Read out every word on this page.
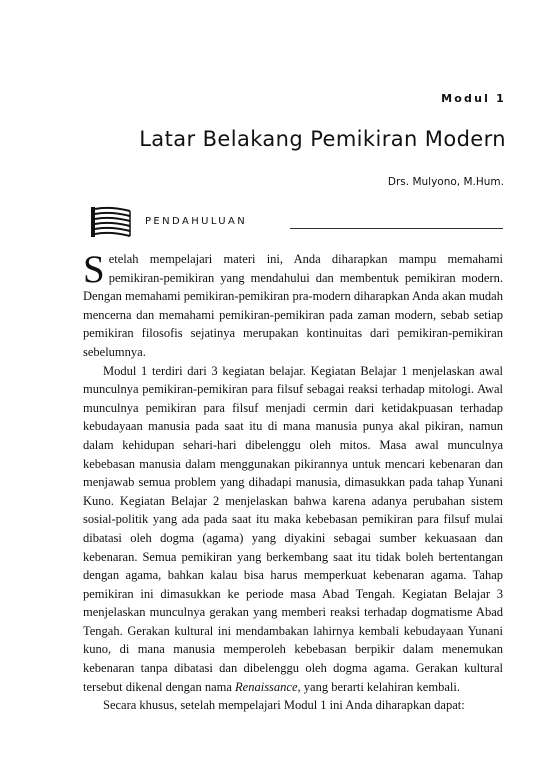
Modul 1
Latar Belakang Pemikiran Modern
Drs. Mulyono, M.Hum.
PENDAHULUAN

Setelah mempelajari materi ini, Anda diharapkan mampu memahami pemikiran-pemikiran yang mendahului dan membentuk pemikiran modern. Dengan memahami pemikiran-pemikiran pra-modern diharapkan Anda akan mudah mencerna dan memahami pemikiran-pemikiran pada zaman modern, sebab setiap pemikiran filosofis sejatinya merupakan kontinuitas dari pemikiran-pemikiran sebelumnya.

Modul 1 terdiri dari 3 kegiatan belajar. Kegiatan Belajar 1 menjelaskan awal munculnya pemikiran-pemikiran para filsuf sebagai reaksi terhadap mitologi. Awal munculnya pemikiran para filsuf menjadi cermin dari ketidakpuasan terhadap kebudayaan manusia pada saat itu di mana manusia punya akal pikiran, namun dalam kehidupan sehari-hari dibelenggu oleh mitos. Masa awal munculnya kebebasan manusia dalam menggunakan pikirannya untuk mencari kebenaran dan menjawab semua problem yang dihadapi manusia, dimasukkan pada tahap Yunani Kuno. Kegiatan Belajar 2 menjelaskan bahwa karena adanya perubahan sistem sosial-politik yang ada pada saat itu maka kebebasan pemikiran para filsuf mulai dibatasi oleh dogma (agama) yang diyakini sebagai sumber kekuasaan dan kebenaran. Semua pemikiran yang berkembang saat itu tidak boleh bertentangan dengan agama, bahkan kalau bisa harus memperkuat kebenaran agama. Tahap pemikiran ini dimasukkan ke periode masa Abad Tengah. Kegiatan Belajar 3 menjelaskan munculnya gerakan yang memberi reaksi terhadap dogmatisme Abad Tengah. Gerakan kultural ini mendambakan lahirnya kembali kebudayaan Yunani kuno, di mana manusia memperoleh kebebasan berpikir dalam menemukan kebenaran tanpa dibatasi dan dibelenggu oleh dogma agama. Gerakan kultural tersebut dikenal dengan nama Renaissance, yang berarti kelahiran kembali.

Secara khusus, setelah mempelajari Modul 1 ini Anda diharapkan dapat:
